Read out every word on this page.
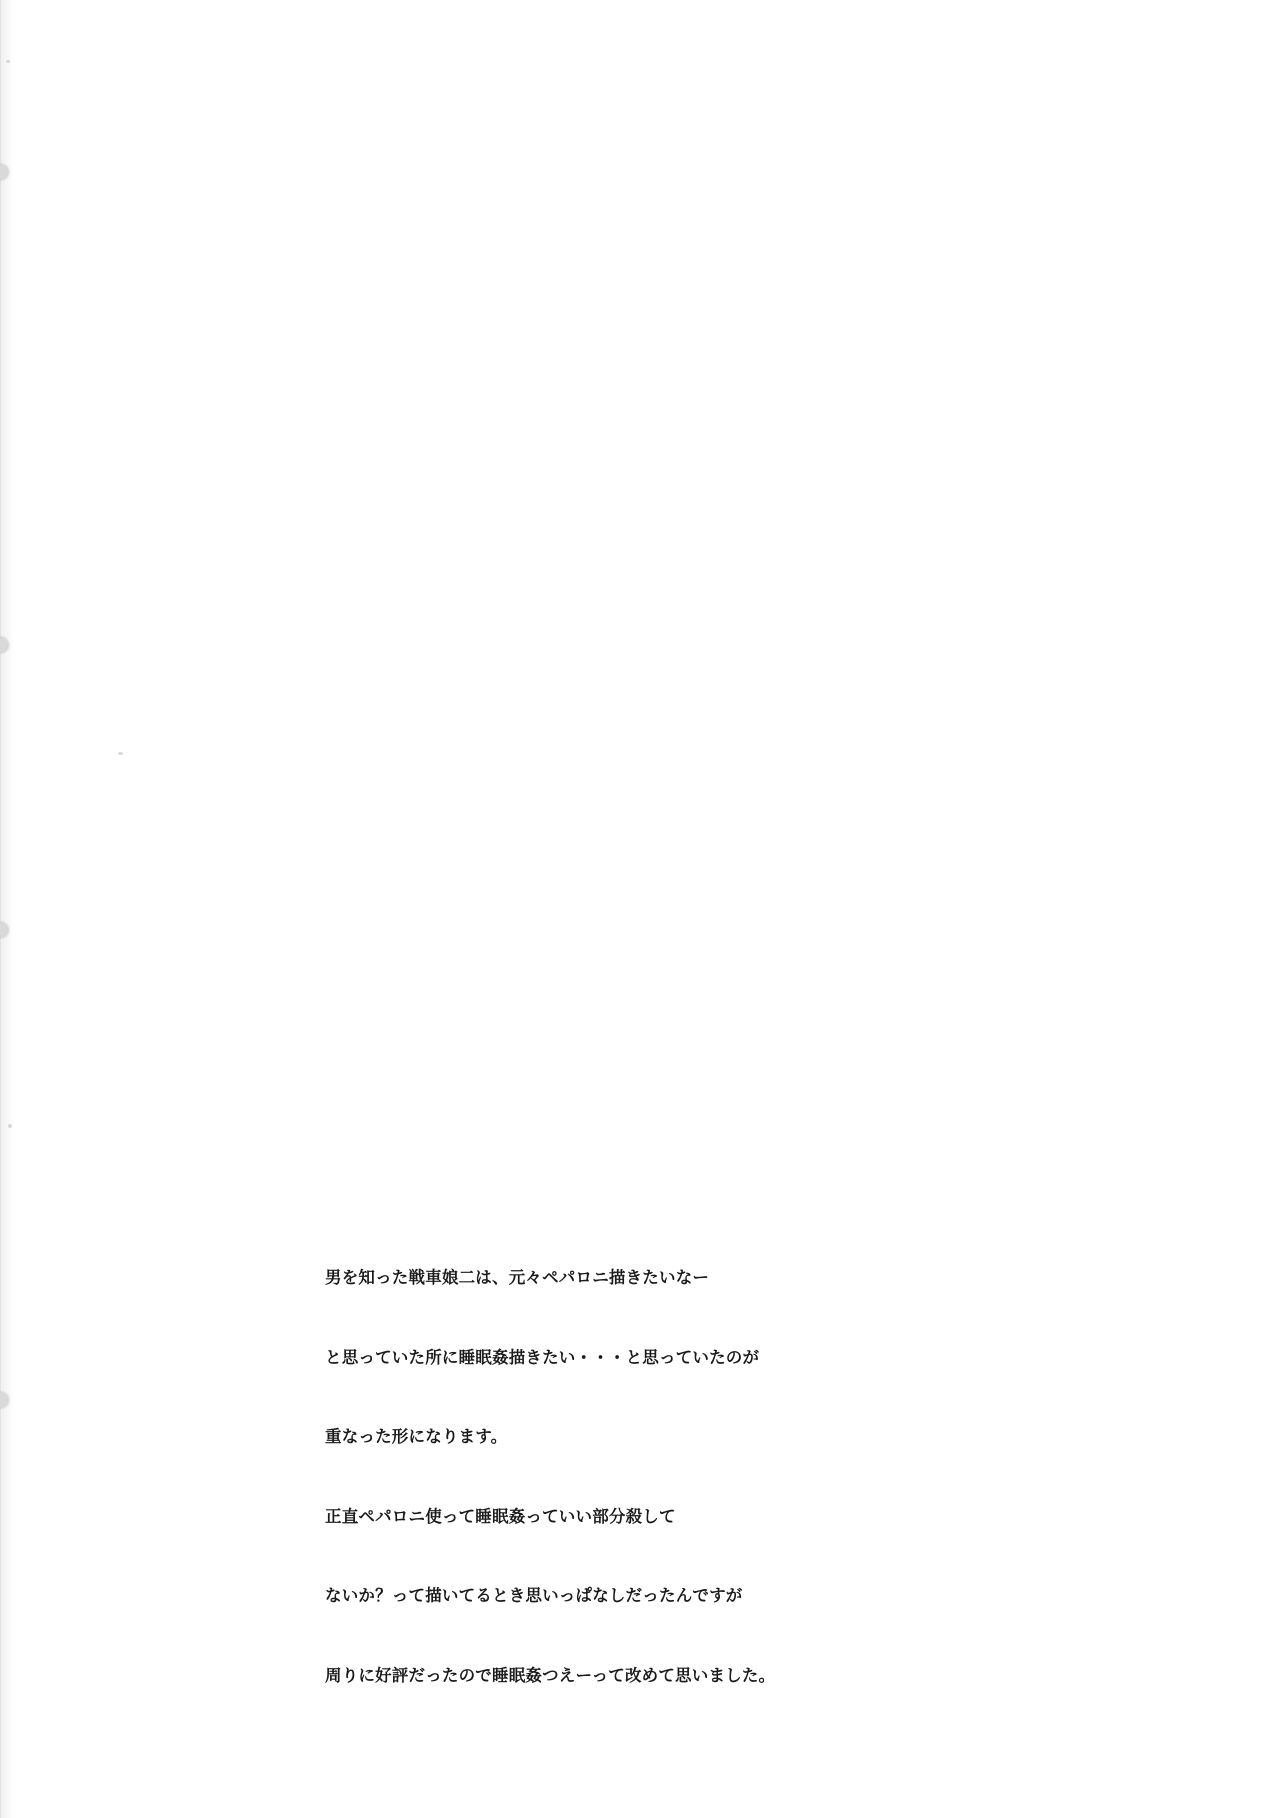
男を知った戦車娘二は、元々ペパロニ描きたいなー

と思っていた所に睡眠姦描きたい・・・と思っていたのが

重なった形になります。

正直ペパロニ使って睡眠姦っていい部分殺して

ないか？って描いてるとき思いっぱなしだったんですが

周りに好評だったので睡眠姦つえーって改めて思いました。
